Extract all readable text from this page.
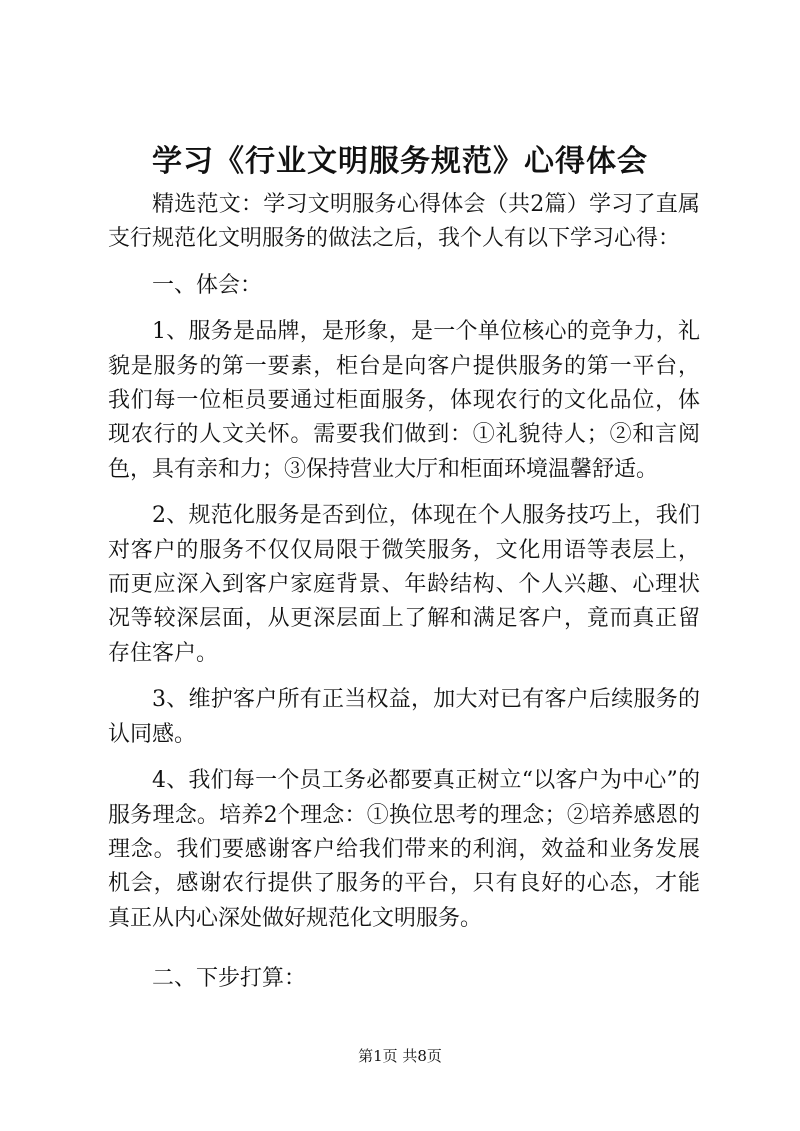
学习《行业文明服务规范》心得体会

精选范文：学习文明服务心得体会（共2篇）学习了直属支行规范化文明服务的做法之后，我个人有以下学习心得：

一、体会：

1、服务是品牌，是形象，是一个单位核心的竞争力，礼貌是服务的第一要素，柜台是向客户提供服务的第一平台，我们每一位柜员要通过柜面服务，体现农行的文化品位，体现农行的人文关怀。需要我们做到：①礼貌待人；②和言阅色，具有亲和力；③保持营业大厅和柜面环境温馨舒适。

2、规范化服务是否到位，体现在个人服务技巧上，我们对客户的服务不仅仅局限于微笑服务，文化用语等表层上，而更应深入到客户家庭背景、年龄结构、个人兴趣、心理状况等较深层面，从更深层面上了解和满足客户，竟而真正留存住客户。

3、维护客户所有正当权益，加大对已有客户后续服务的认同感。

4、我们每一个员工务必都要真正树立“以客户为中心”的服务理念。培养2个理念：①换位思考的理念；②培养感恩的理念。我们要感谢客户给我们带来的利润，效益和业务发展机会，感谢农行提供了服务的平台，只有良好的心态，才能真正从内心深处做好规范化文明服务。

二、下步打算：

第1页 共8页
